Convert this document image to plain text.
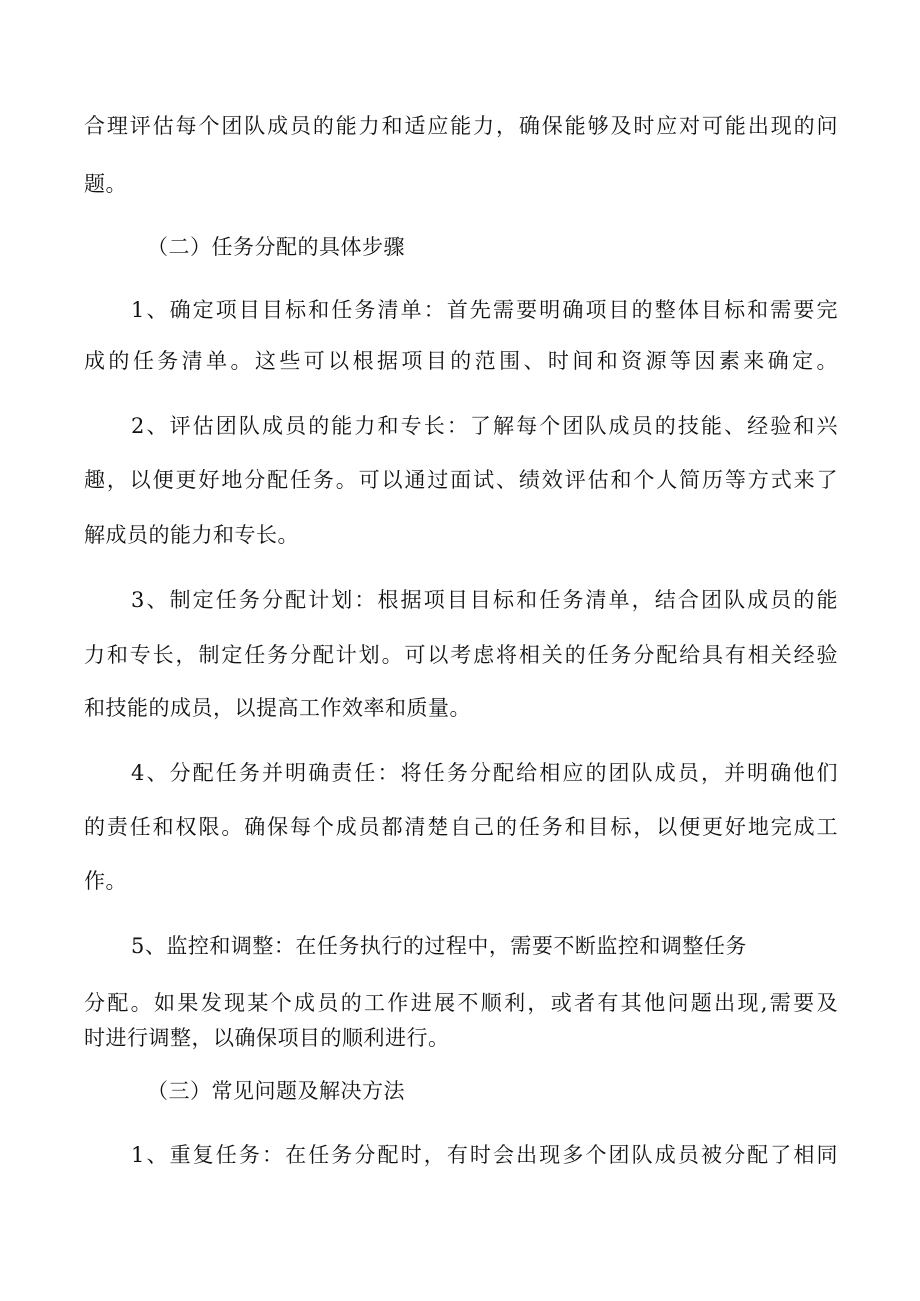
合理评估每个团队成员的能力和适应能力，确保能够及时应对可能出现的问
题。
（二）任务分配的具体步骤
1、确定项目目标和任务清单：首先需要明确项目的整体目标和需要完
成的任务清单。这些可以根据项目的范围、时间和资源等因素来确定。
2、评估团队成员的能力和专长：了解每个团队成员的技能、经验和兴
趣，以便更好地分配任务。可以通过面试、绩效评估和个人简历等方式来了
解成员的能力和专长。
3、制定任务分配计划：根据项目目标和任务清单，结合团队成员的能
力和专长，制定任务分配计划。可以考虑将相关的任务分配给具有相关经验
和技能的成员，以提高工作效率和质量。
4、分配任务并明确责任：将任务分配给相应的团队成员，并明确他们
的责任和权限。确保每个成员都清楚自己的任务和目标，以便更好地完成工
作。
5、监控和调整：在任务执行的过程中，需要不断监控和调整任务
分配。如果发现某个成员的工作进展不顺利，或者有其他问题出现,需要及
时进行调整，以确保项目的顺利进行。
（三）常见问题及解决方法
1、重复任务：在任务分配时，有时会出现多个团队成员被分配了相同
